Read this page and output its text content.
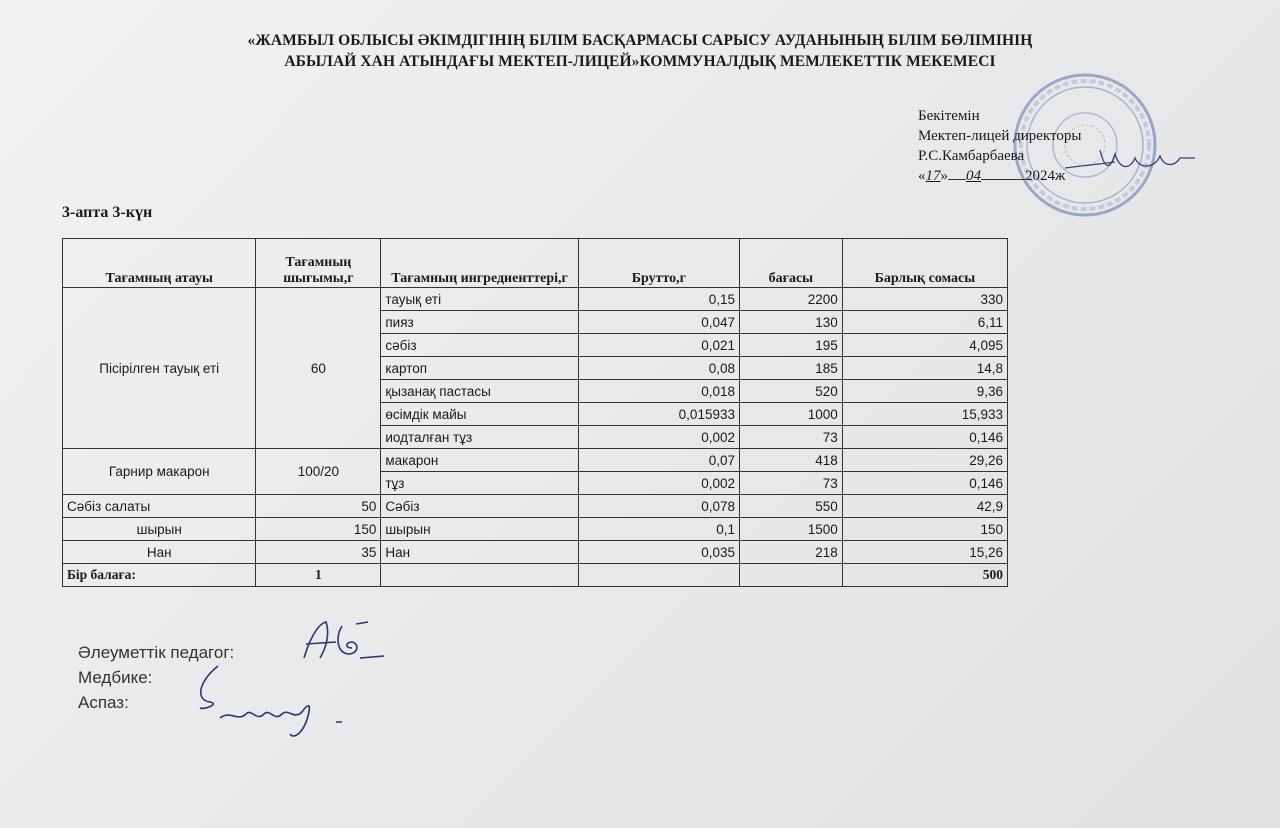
«ЖАМБЫЛ ОБЛЫСЫ ӘКІМДІГІНІҢ БІЛІМ БАСҚАРМАСЫ САРЫСУ АУДАНЫНЫҢ БІЛІМ БӨЛІМІНІҢ
АБЫЛАЙ ХАН АТЫНДАҒЫ МЕКТЕП-ЛИЦЕЙ»КОММУНАЛДЫҚ МЕМЛЕКЕТТІК МЕКЕМЕСІ
Бекітемін
Мектеп-лицей директоры
Р.С.Камбарбаева
«17» 04	2024ж
3-апта 3-күн
Тағамның атауы	Тағамның шығымы,г	Тағамның ингредиенттері,г	Брутто,г	бағасы	Барлық сомасы
Пісірілген тауық еті	60	тауық еті	0,15	2200	330
		пияз	0,047	130	6,11
		сәбіз	0,021	195	4,095
		картоп	0,08	185	14,8
		қызанақ пастасы	0,018	520	9,36
		өсімдік майы	0,015933	1000	15,933
		иодталған тұз	0,002	73	0,146
Гарнир макарон	100/20	макарон	0,07	418	29,26
		тұз	0,002	73	0,146
Сәбіз салаты	50	Сәбіз	0,078	550	42,9
шырын	150	шырын	0,1	1500	150
Нан	35	Нан	0,035	218	15,26
Бір балаға:	1				500
Әлеуметтік педагог:
Медбике:
Аспаз:
